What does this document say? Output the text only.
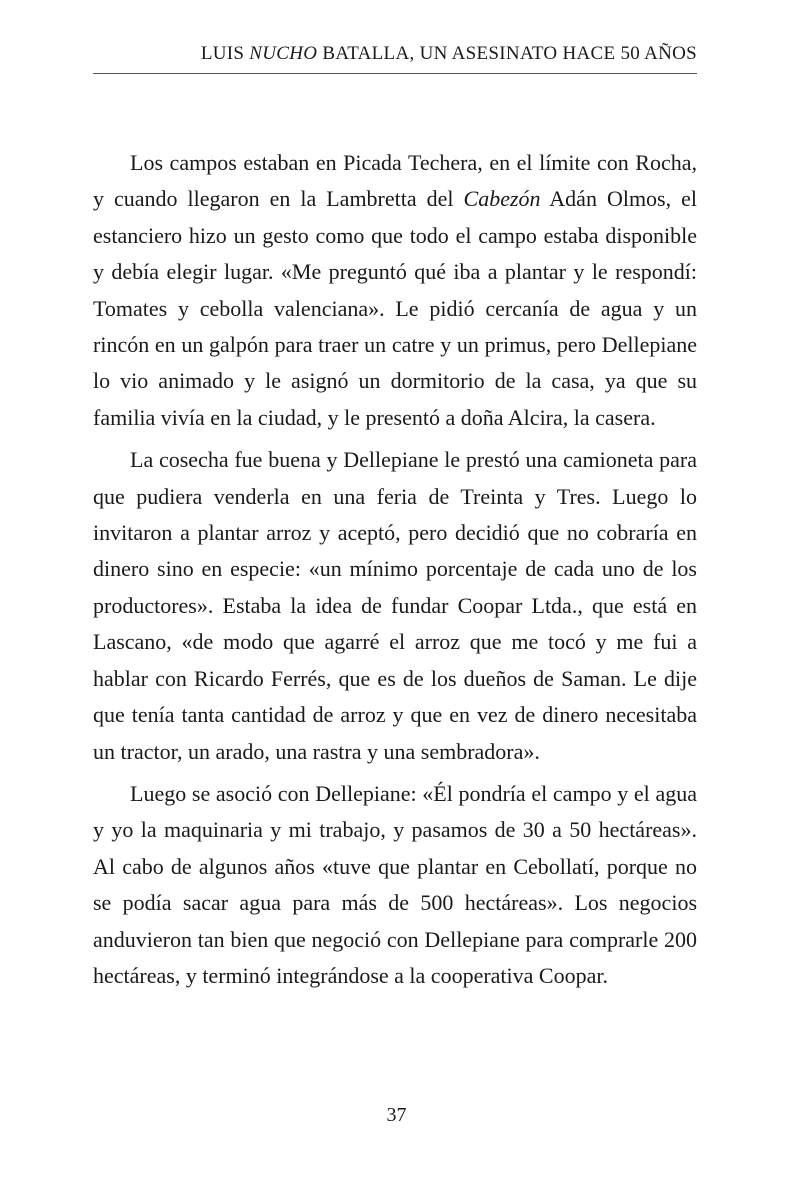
LUIS NUCHO BATALLA, UN ASESINATO HACE 50 AÑOS

Los campos estaban en Picada Techera, en el límite con Rocha, y cuando llegaron en la Lambretta del Cabezón Adán Olmos, el estanciero hizo un gesto como que todo el campo estaba disponible y debía elegir lugar. «Me preguntó qué iba a plantar y le respondí: Tomates y cebolla valenciana». Le pidió cercanía de agua y un rincón en un galpón para traer un catre y un primus, pero Dellepiane lo vio animado y le asignó un dormitorio de la casa, ya que su familia vivía en la ciudad, y le presentó a doña Alcira, la casera.

La cosecha fue buena y Dellepiane le prestó una camioneta para que pudiera venderla en una feria de Treinta y Tres. Luego lo invitaron a plantar arroz y aceptó, pero decidió que no cobraría en dinero sino en especie: «un mínimo porcentaje de cada uno de los productores». Estaba la idea de fundar Coopar Ltda., que está en Lascano, «de modo que agarré el arroz que me tocó y me fui a hablar con Ricardo Ferrés, que es de los dueños de Saman. Le dije que tenía tanta cantidad de arroz y que en vez de dinero necesitaba un tractor, un arado, una rastra y una sembradora».

Luego se asoció con Dellepiane: «Él pondría el campo y el agua y yo la maquinaria y mi trabajo, y pasamos de 30 a 50 hectáreas». Al cabo de algunos años «tuve que plantar en Cebollatí, porque no se podía sacar agua para más de 500 hectáreas». Los negocios anduvieron tan bien que negoció con Dellepiane para comprarle 200 hectáreas, y terminó integrándose a la cooperativa Coopar.

37
